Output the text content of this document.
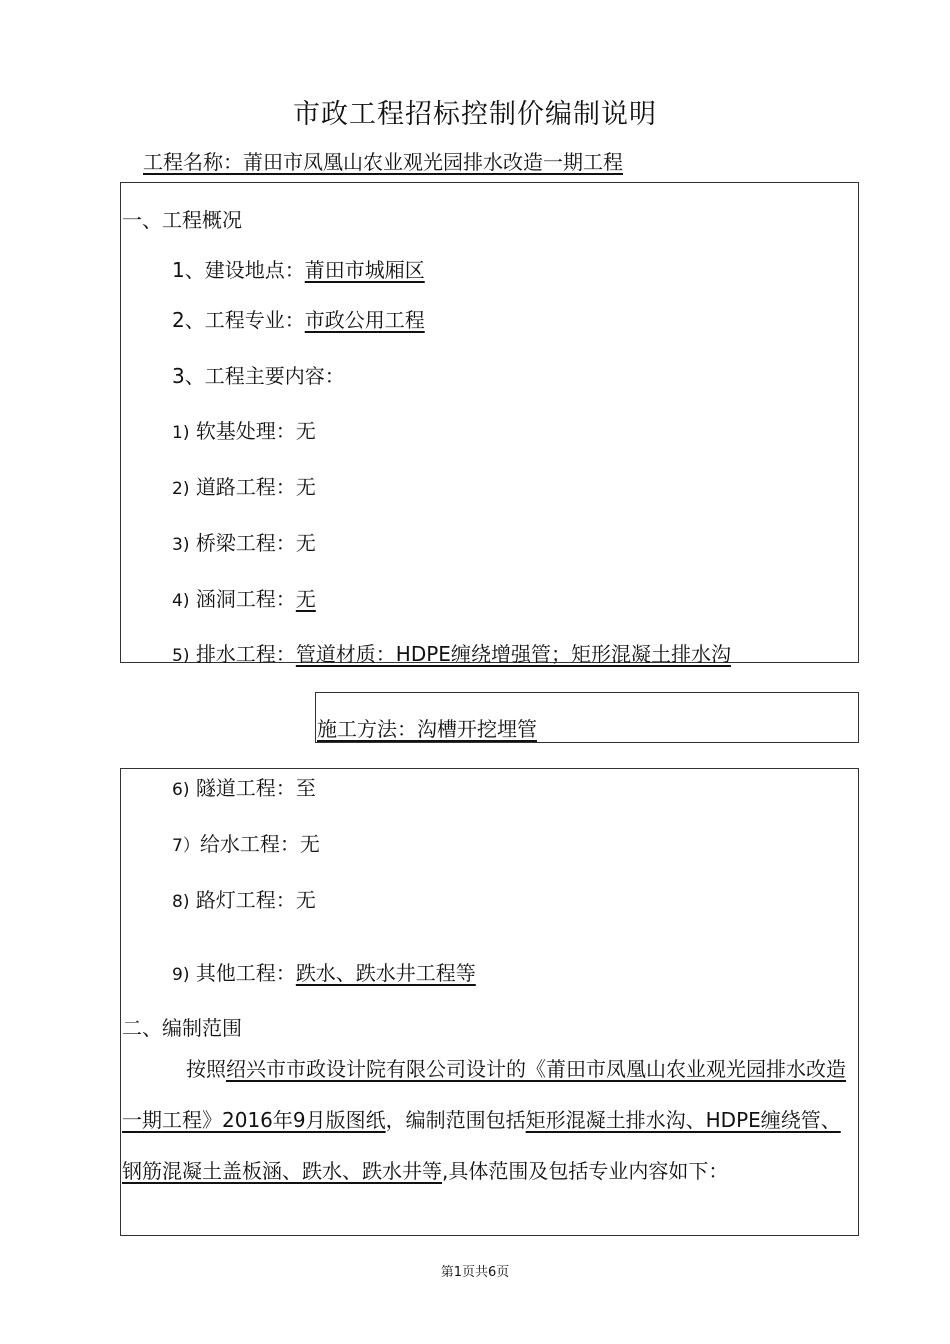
市政工程招标控制价编制说明
工程名称：莆田市凤凰山农业观光园排水改造一期工程
一、工程概况
1、建设地点：莆田市城厢区
2、工程专业：市政公用工程
3、工程主要内容：
1) 软基处理：无
2) 道路工程：无
3) 桥梁工程：无
4) 涵洞工程：无
5) 排水工程：管道材质：HDPE缠绕增强管；矩形混凝土排水沟
施工方法：沟槽开挖埋管
6) 隧道工程：至
7）给水工程：无
8) 路灯工程：无
9) 其他工程：跌水、跌水井工程等
二、编制范围
按照绍兴市市政设计院有限公司设计的《莆田市凤凰山农业观光园排水改造一期工程》2016年9月版图纸，编制范围包括矩形混凝土排水沟、HDPE缠绕管、钢筋混凝土盖板涵、跌水、跌水井等,具体范围及包括专业内容如下：
第1页共6页
